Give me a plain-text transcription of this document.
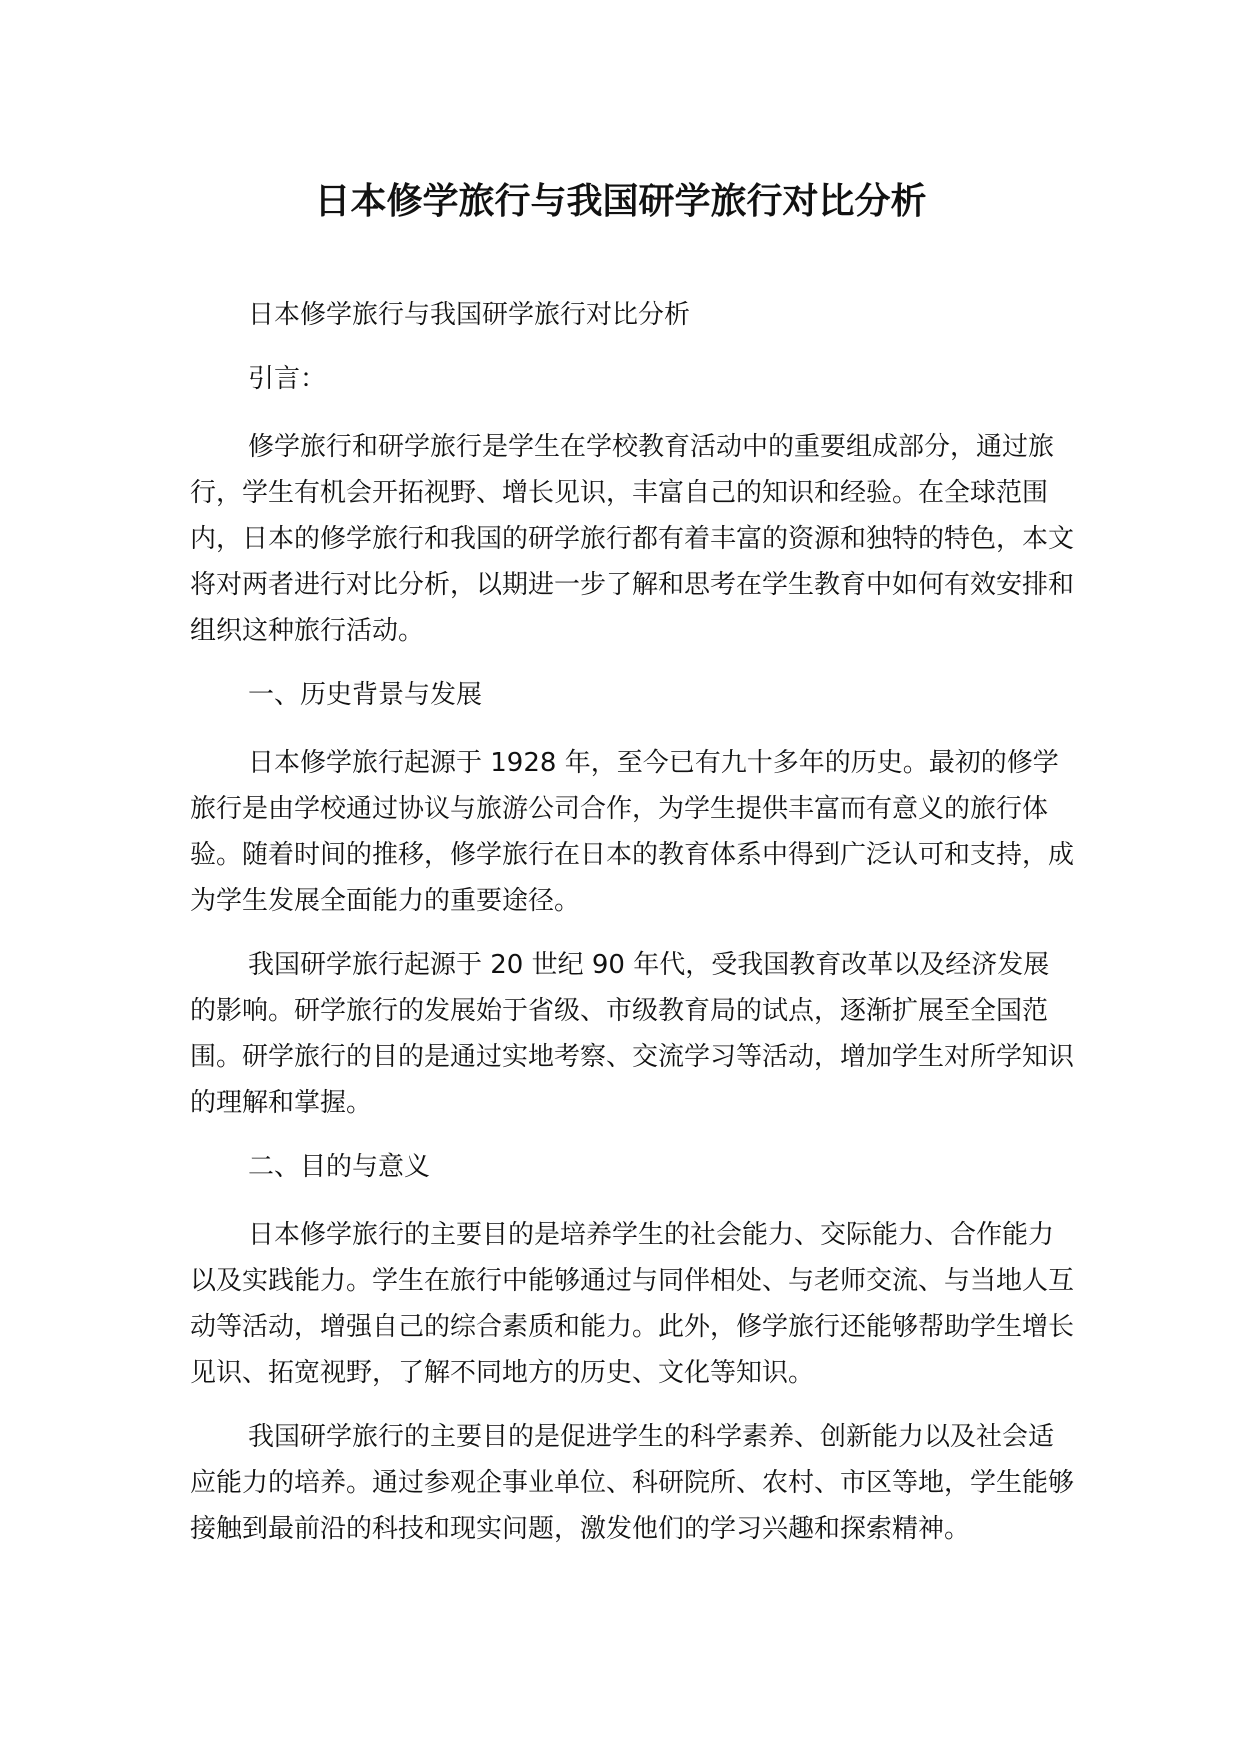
日本修学旅行与我国研学旅行对比分析

日本修学旅行与我国研学旅行对比分析

引言：

修学旅行和研学旅行是学生在学校教育活动中的重要组成部分，通过旅行，学生有机会开拓视野、增长见识，丰富自己的知识和经验。在全球范围内，日本的修学旅行和我国的研学旅行都有着丰富的资源和独特的特色，本文将对两者进行对比分析，以期进一步了解和思考在学生教育中如何有效安排和组织这种旅行活动。

一、历史背景与发展

日本修学旅行起源于 1928 年，至今已有九十多年的历史。最初的修学旅行是由学校通过协议与旅游公司合作，为学生提供丰富而有意义的旅行体验。随着时间的推移，修学旅行在日本的教育体系中得到广泛认可和支持，成为学生发展全面能力的重要途径。

我国研学旅行起源于 20 世纪 90 年代，受我国教育改革以及经济发展的影响。研学旅行的发展始于省级、市级教育局的试点，逐渐扩展至全国范围。研学旅行的目的是通过实地考察、交流学习等活动，增加学生对所学知识的理解和掌握。

二、目的与意义

日本修学旅行的主要目的是培养学生的社会能力、交际能力、合作能力以及实践能力。学生在旅行中能够通过与同伴相处、与老师交流、与当地人互动等活动，增强自己的综合素质和能力。此外，修学旅行还能够帮助学生增长见识、拓宽视野，了解不同地方的历史、文化等知识。

我国研学旅行的主要目的是促进学生的科学素养、创新能力以及社会适应能力的培养。通过参观企事业单位、科研院所、农村、市区等地，学生能够接触到最前沿的科技和现实问题，激发他们的学习兴趣和探索精神。
